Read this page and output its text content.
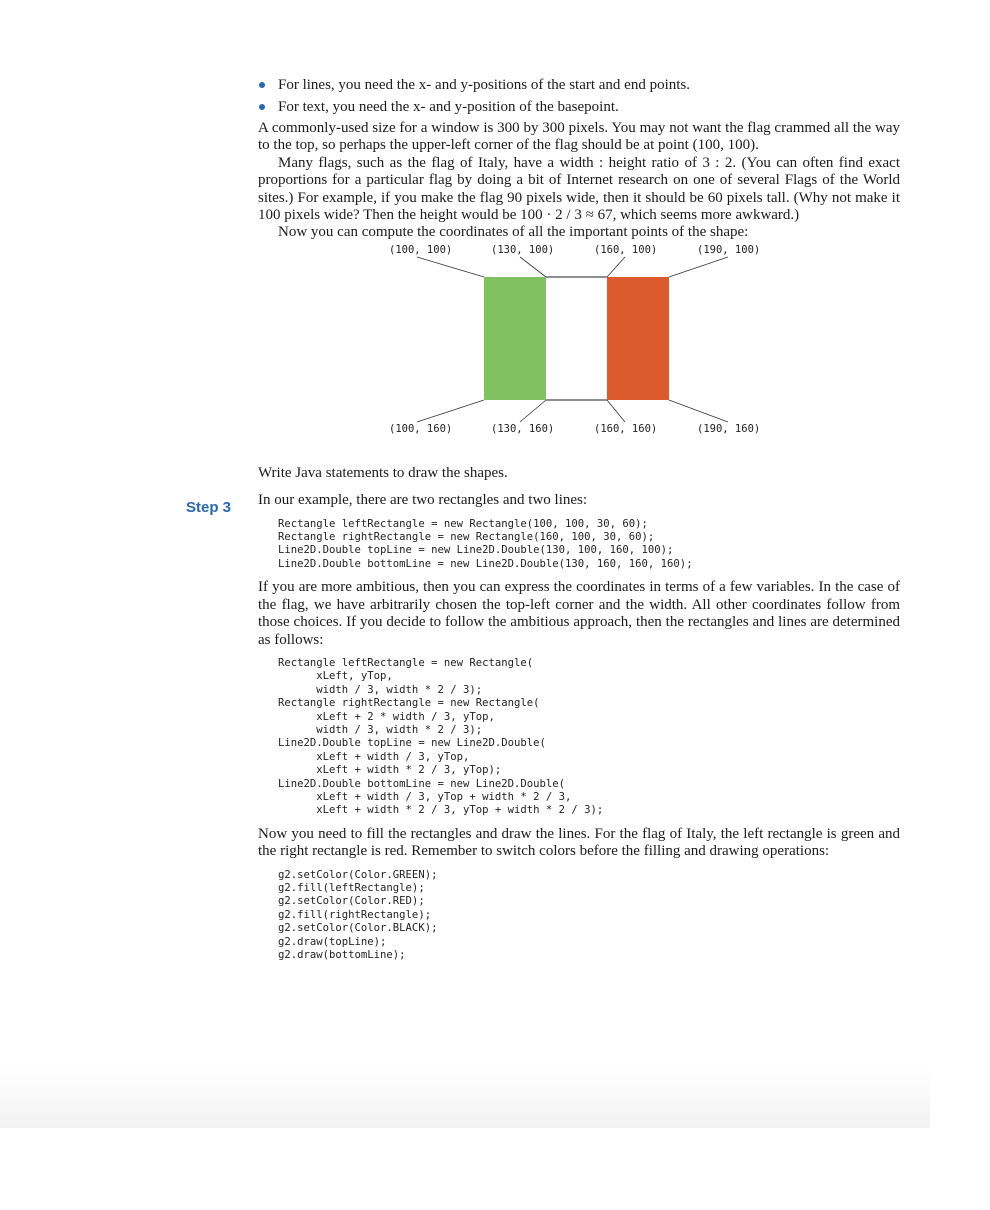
Step 3
For lines, you need the x- and y-positions of the start and end points.
For text, you need the x- and y-position of the basepoint.

A commonly-used size for a window is 300 by 300 pixels. You may not want the flag crammed all the way to the top, so perhaps the upper-left corner of the flag should be at point (100, 100).

Many flags, such as the flag of Italy, have a width : height ratio of 3 : 2. (You can often find exact proportions for a particular flag by doing a bit of Internet research on one of several Flags of the World sites.) For example, if you make the flag 90 pixels wide, then it should be 60 pixels tall. (Why not make it 100 pixels wide? Then the height would be 100 · 2 / 3 ≈ 67, which seems more awkward.)

Now you can compute the coordinates of all the important points of the shape:

(100, 100)	(130, 100)	(160, 100)	(190, 100)
(100, 160)	(130, 160)	(160, 160)	(190, 160)

Write Java statements to draw the shapes.

In our example, there are two rectangles and two lines:

Rectangle leftRectangle = new Rectangle(100, 100, 30, 60);
Rectangle rightRectangle = new Rectangle(160, 100, 30, 60);
Line2D.Double topLine = new Line2D.Double(130, 100, 160, 100);
Line2D.Double bottomLine = new Line2D.Double(130, 160, 160, 160);

If you are more ambitious, then you can express the coordinates in terms of a few variables. In the case of the flag, we have arbitrarily chosen the top-left corner and the width. All other coordinates follow from those choices. If you decide to follow the ambitious approach, then the rectangles and lines are determined as follows:

Rectangle leftRectangle = new Rectangle(
xLeft, yTop,
width / 3, width * 2 / 3);
Rectangle rightRectangle = new Rectangle(
xLeft + 2 * width / 3, yTop,
width / 3, width * 2 / 3);
Line2D.Double topLine = new Line2D.Double(
xLeft + width / 3, yTop,
xLeft + width * 2 / 3, yTop);
Line2D.Double bottomLine = new Line2D.Double(
xLeft + width / 3, yTop + width * 2 / 3,
xLeft + width * 2 / 3, yTop + width * 2 / 3);

Now you need to fill the rectangles and draw the lines. For the flag of Italy, the left rectangle is green and the right rectangle is red. Remember to switch colors before the filling and drawing operations:

g2.setColor(Color.GREEN);
g2.fill(leftRectangle);
g2.setColor(Color.RED);
g2.fill(rightRectangle);
g2.setColor(Color.BLACK);
g2.draw(topLine);
g2.draw(bottomLine);
